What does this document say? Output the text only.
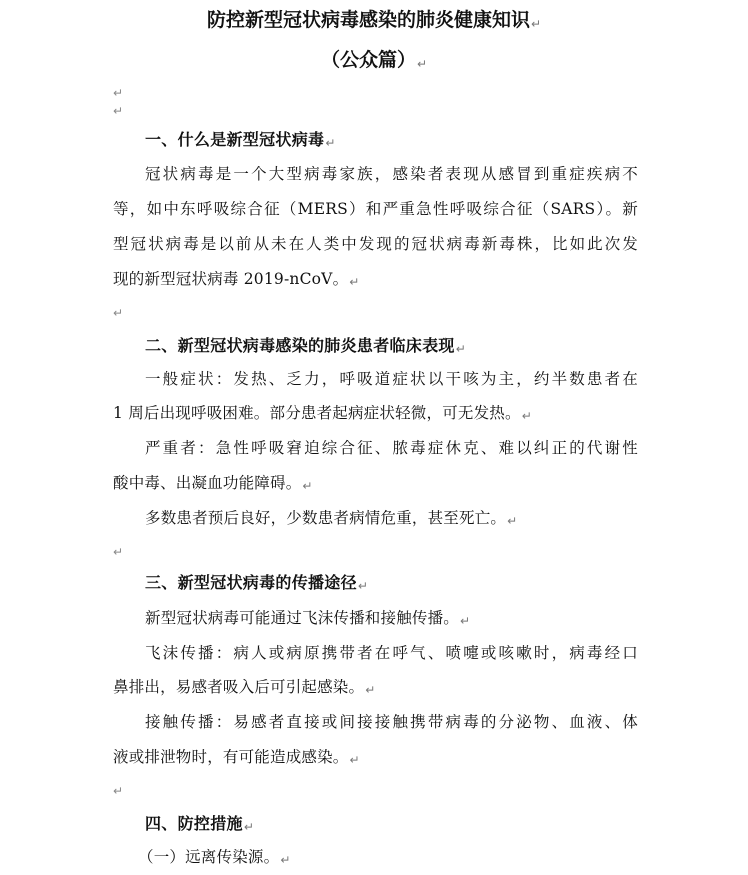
防控新型冠状病毒感染的肺炎健康知识↵
（公众篇）↵
↵
↵
一、什么是新型冠状病毒↵
冠状病毒是一个大型病毒家族，感染者表现从感冒到重症疾病不
等，如中东呼吸综合征（MERS）和严重急性呼吸综合征（SARS）。新
型冠状病毒是以前从未在人类中发现的冠状病毒新毒株，比如此次发
现的新型冠状病毒 2019-nCoV。↵
↵
二、新型冠状病毒感染的肺炎患者临床表现↵
一般症状：发热、乏力，呼吸道症状以干咳为主，约半数患者在
1 周后出现呼吸困难。部分患者起病症状轻微，可无发热。↵
严重者：急性呼吸窘迫综合征、脓毒症休克、难以纠正的代谢性
酸中毒、出凝血功能障碍。↵
多数患者预后良好，少数患者病情危重，甚至死亡。↵
↵
三、新型冠状病毒的传播途径↵
新型冠状病毒可能通过飞沫传播和接触传播。↵
飞沫传播：病人或病原携带者在呼气、喷嚏或咳嗽时，病毒经口
鼻排出，易感者吸入后可引起感染。↵
接触传播：易感者直接或间接接触携带病毒的分泌物、血液、体
液或排泄物时，有可能造成感染。↵
↵
四、防控措施↵
（一）远离传染源。↵
